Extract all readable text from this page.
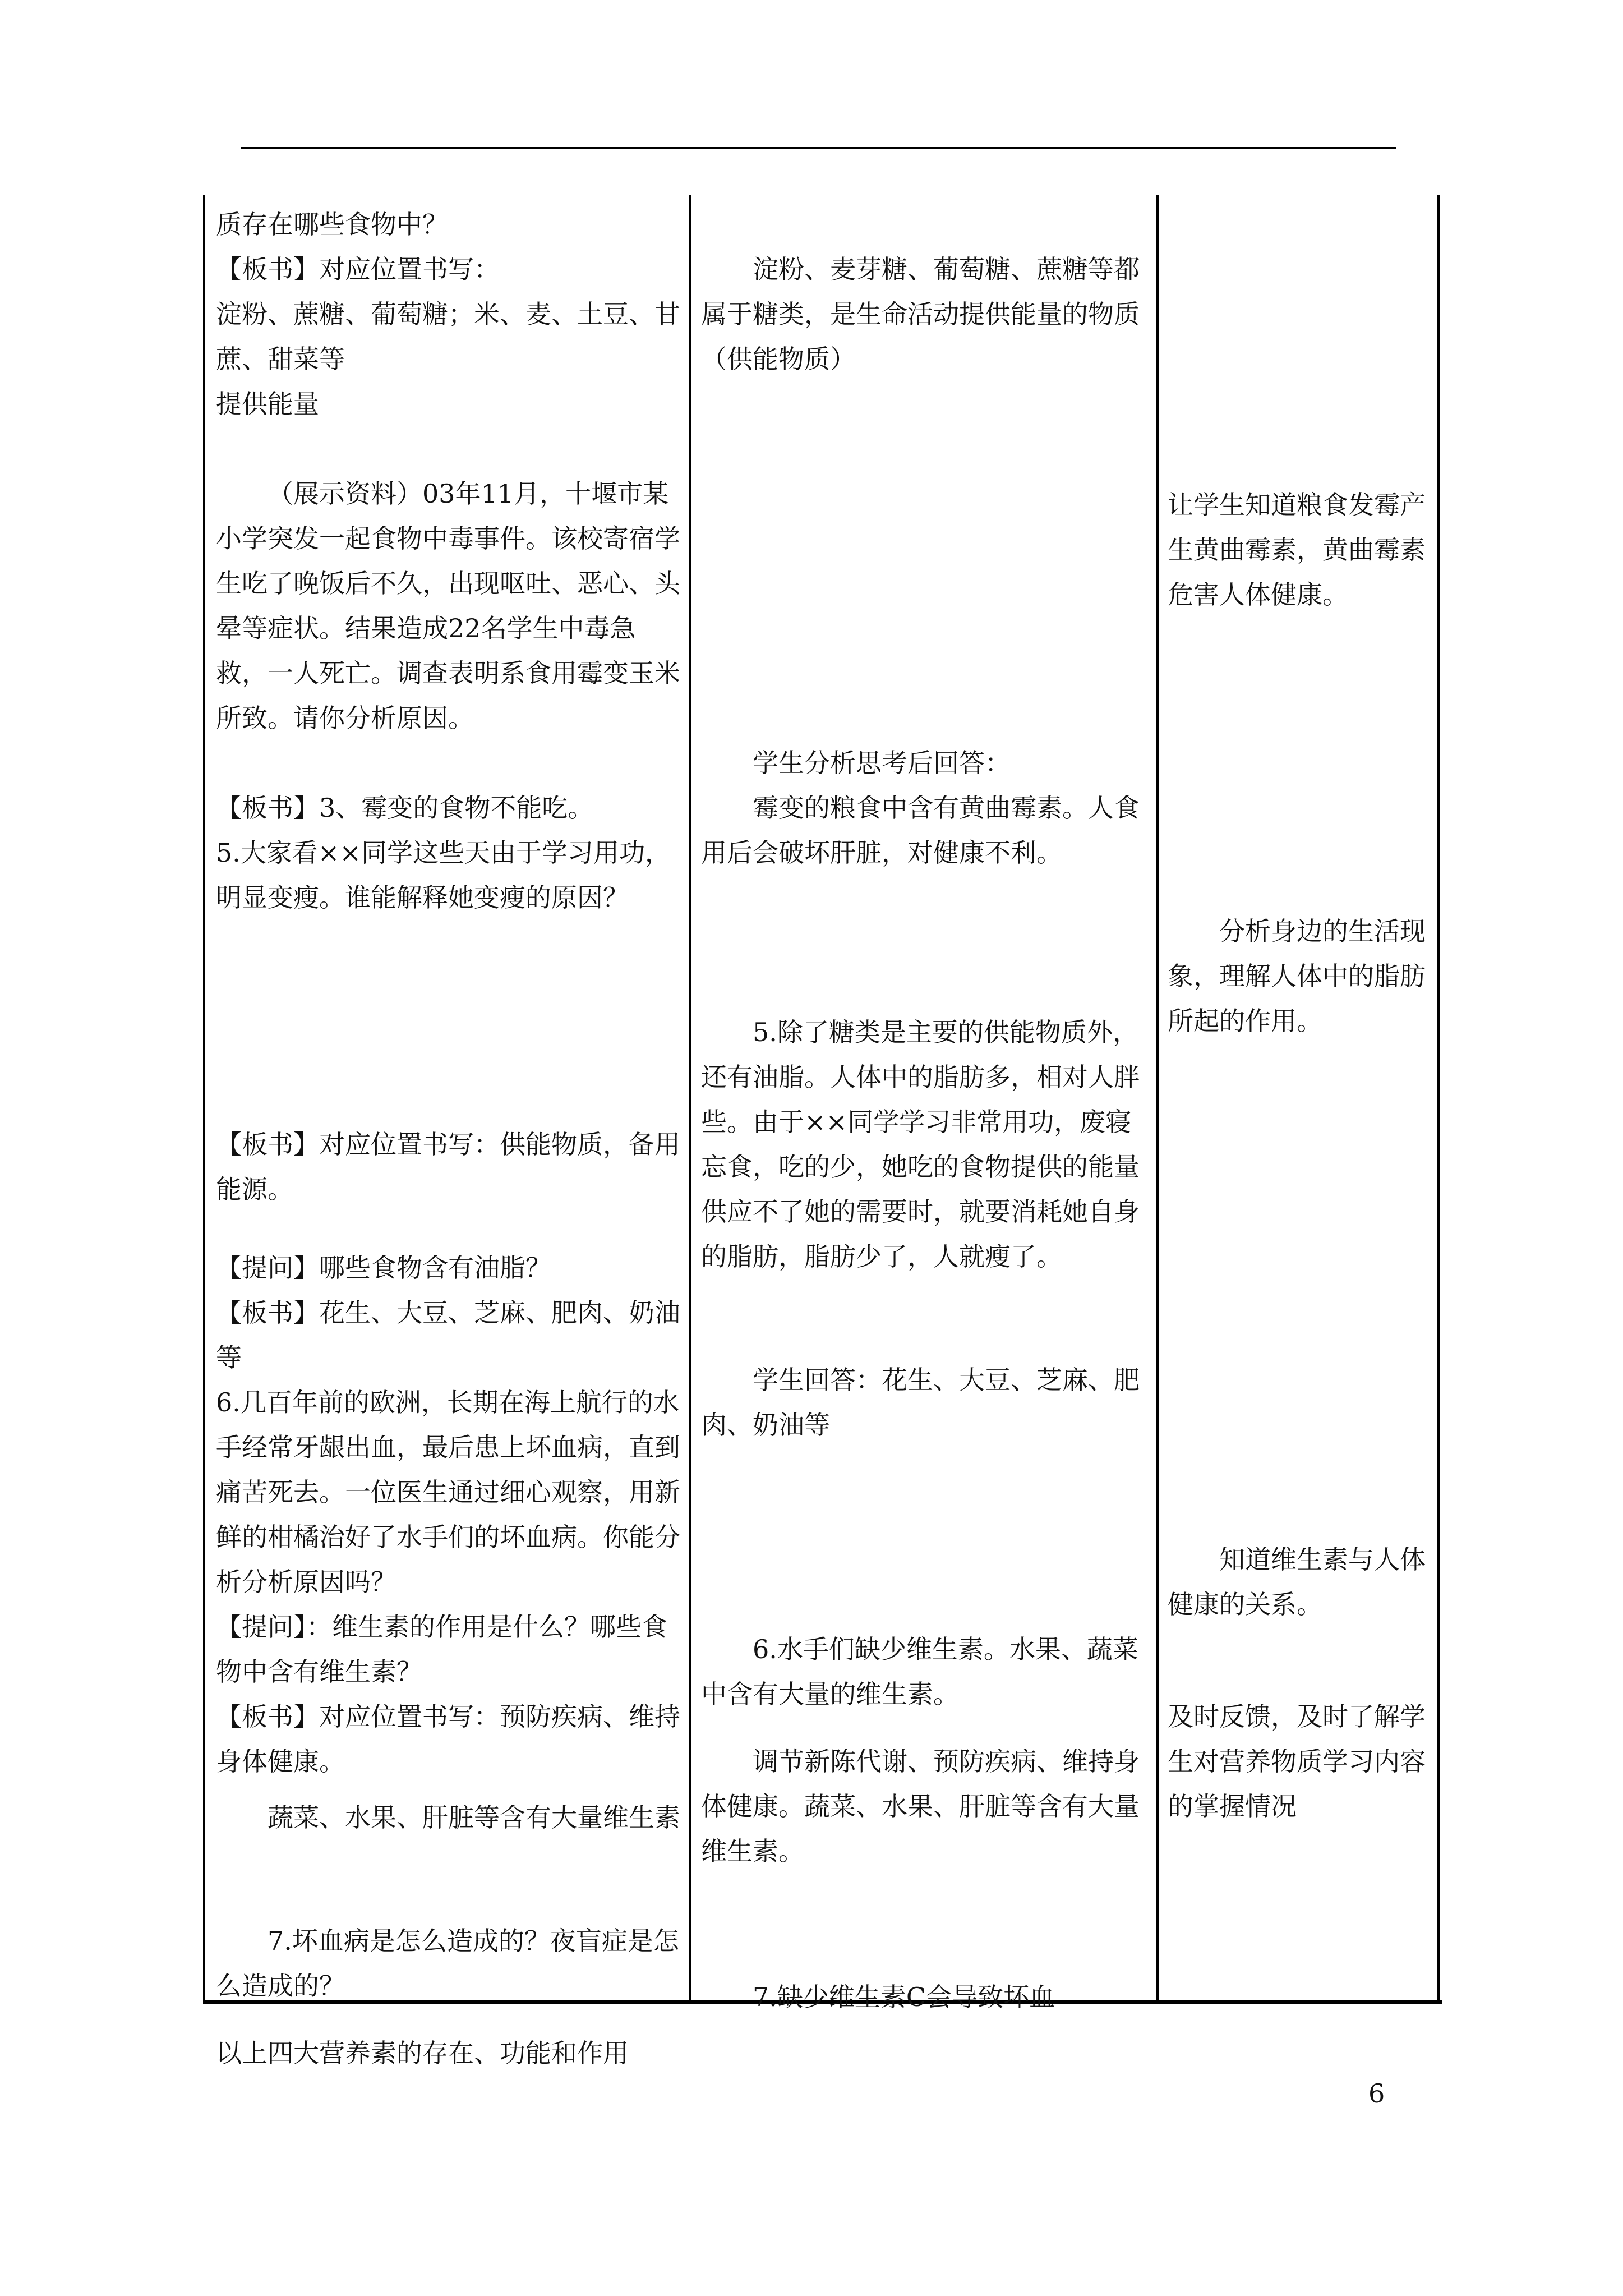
质存在哪些食物中？
【板书】对应位置书写：
淀粉、蔗糖、葡萄糖；米、麦、土豆、甘蔗、甜菜等
提供能量
（展示资料）03年11月，十堰市某小学突发一起食物中毒事件。该校寄宿学生吃了晚饭后不久，出现呕吐、恶心、头晕等症状。结果造成22名学生中毒急救，一人死亡。调查表明系食用霉变玉米所致。请你分析原因。
【板书】3、霉变的食物不能吃。
5.大家看××同学这些天由于学习用功，明显变瘦。谁能解释她变瘦的原因？
【板书】对应位置书写：供能物质，备用能源。
【提问】哪些食物含有油脂？
【板书】花生、大豆、芝麻、肥肉、奶油等
6.几百年前的欧洲，长期在海上航行的水手经常牙龈出血，最后患上坏血病，直到痛苦死去。一位医生通过细心观察，用新鲜的柑橘治好了水手们的坏血病。你能分析分析原因吗？
【提问】：维生素的作用是什么？哪些食物中含有维生素？
【板书】对应位置书写：预防疾病、维持身体健康。
蔬菜、水果、肝脏等含有大量维生素
7.坏血病是怎么造成的？夜盲症是怎么造成的？
以上四大营养素的存在、功能和作用
淀粉、麦芽糖、葡萄糖、蔗糖等都属于糖类，是生命活动提供能量的物质（供能物质）
学生分析思考后回答：
霉变的粮食中含有黄曲霉素。人食用后会破坏肝脏，对健康不利。
5.除了糖类是主要的供能物质外，还有油脂。人体中的脂肪多，相对人胖些。由于××同学学习非常用功，废寝忘食，吃的少，她吃的食物提供的能量供应不了她的需要时，就要消耗她自身的脂肪，脂肪少了，人就瘦了。
学生回答：花生、大豆、芝麻、肥肉、奶油等
6.水手们缺少维生素。水果、蔬菜中含有大量的维生素。
调节新陈代谢、预防疾病、维持身体健康。蔬菜、水果、肝脏等含有大量维生素。
7.缺少维生素C会导致坏血
让学生知道粮食发霉产生黄曲霉素，黄曲霉素危害人体健康。
分析身边的生活现象，理解人体中的脂肪所起的作用。
知道维生素与人体健康的关系。
及时反馈，及时了解学生对营养物质学习内容的掌握情况
6
